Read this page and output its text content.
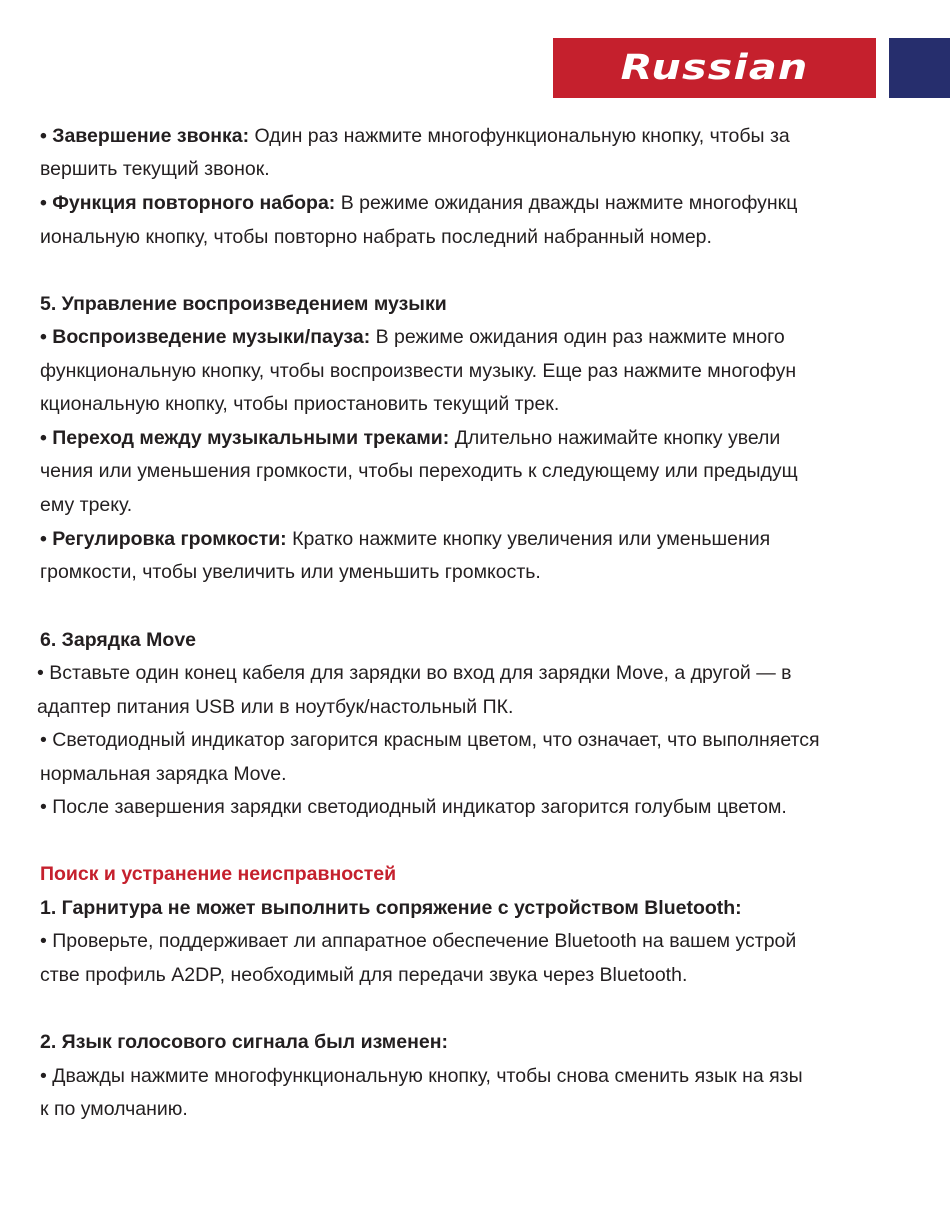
Russian
• Завершение звонка: Один раз нажмите многофункциональную кнопку, чтобы за
вершить текущий звонок.
• Функция повторного набора: В режиме ожидания дважды нажмите многофункц
иональную кнопку, чтобы повторно набрать последний набранный номер.
5. Управление воспроизведением музыки
• Воспроизведение музыки/пауза: В режиме ожидания один раз нажмите много
функциональную кнопку, чтобы воспроизвести музыку. Еще раз нажмите многофун
кциональную кнопку, чтобы приостановить текущий трек.
• Переход между музыкальными треками: Длительно нажимайте кнопку увели
чения или уменьшения громкости, чтобы переходить к следующему или предыдущ
ему треку.
• Регулировка громкости: Кратко нажмите кнопку увеличения или уменьшения
громкости, чтобы увеличить или уменьшить громкость.
6. Зарядка Move
• Вставьте один конец кабеля для зарядки во вход для зарядки Move, а другой — в
адаптер питания USB или в ноутбук/настольный ПК.
• Светодиодный индикатор загорится красным цветом, что означает, что выполняется
нормальная зарядка Move.
• После завершения зарядки светодиодный индикатор загорится голубым цветом.
Поиск и устранение неисправностей
1. Гарнитура не может выполнить сопряжение с устройством Bluetooth:
• Проверьте, поддерживает ли аппаратное обеспечение Bluetooth на вашем устрой
стве профиль A2DP, необходимый для передачи звука через Bluetooth.
2. Язык голосового сигнала был изменен:
• Дважды нажмите многофункциональную кнопку, чтобы снова сменить язык на язы
к по умолчанию.
